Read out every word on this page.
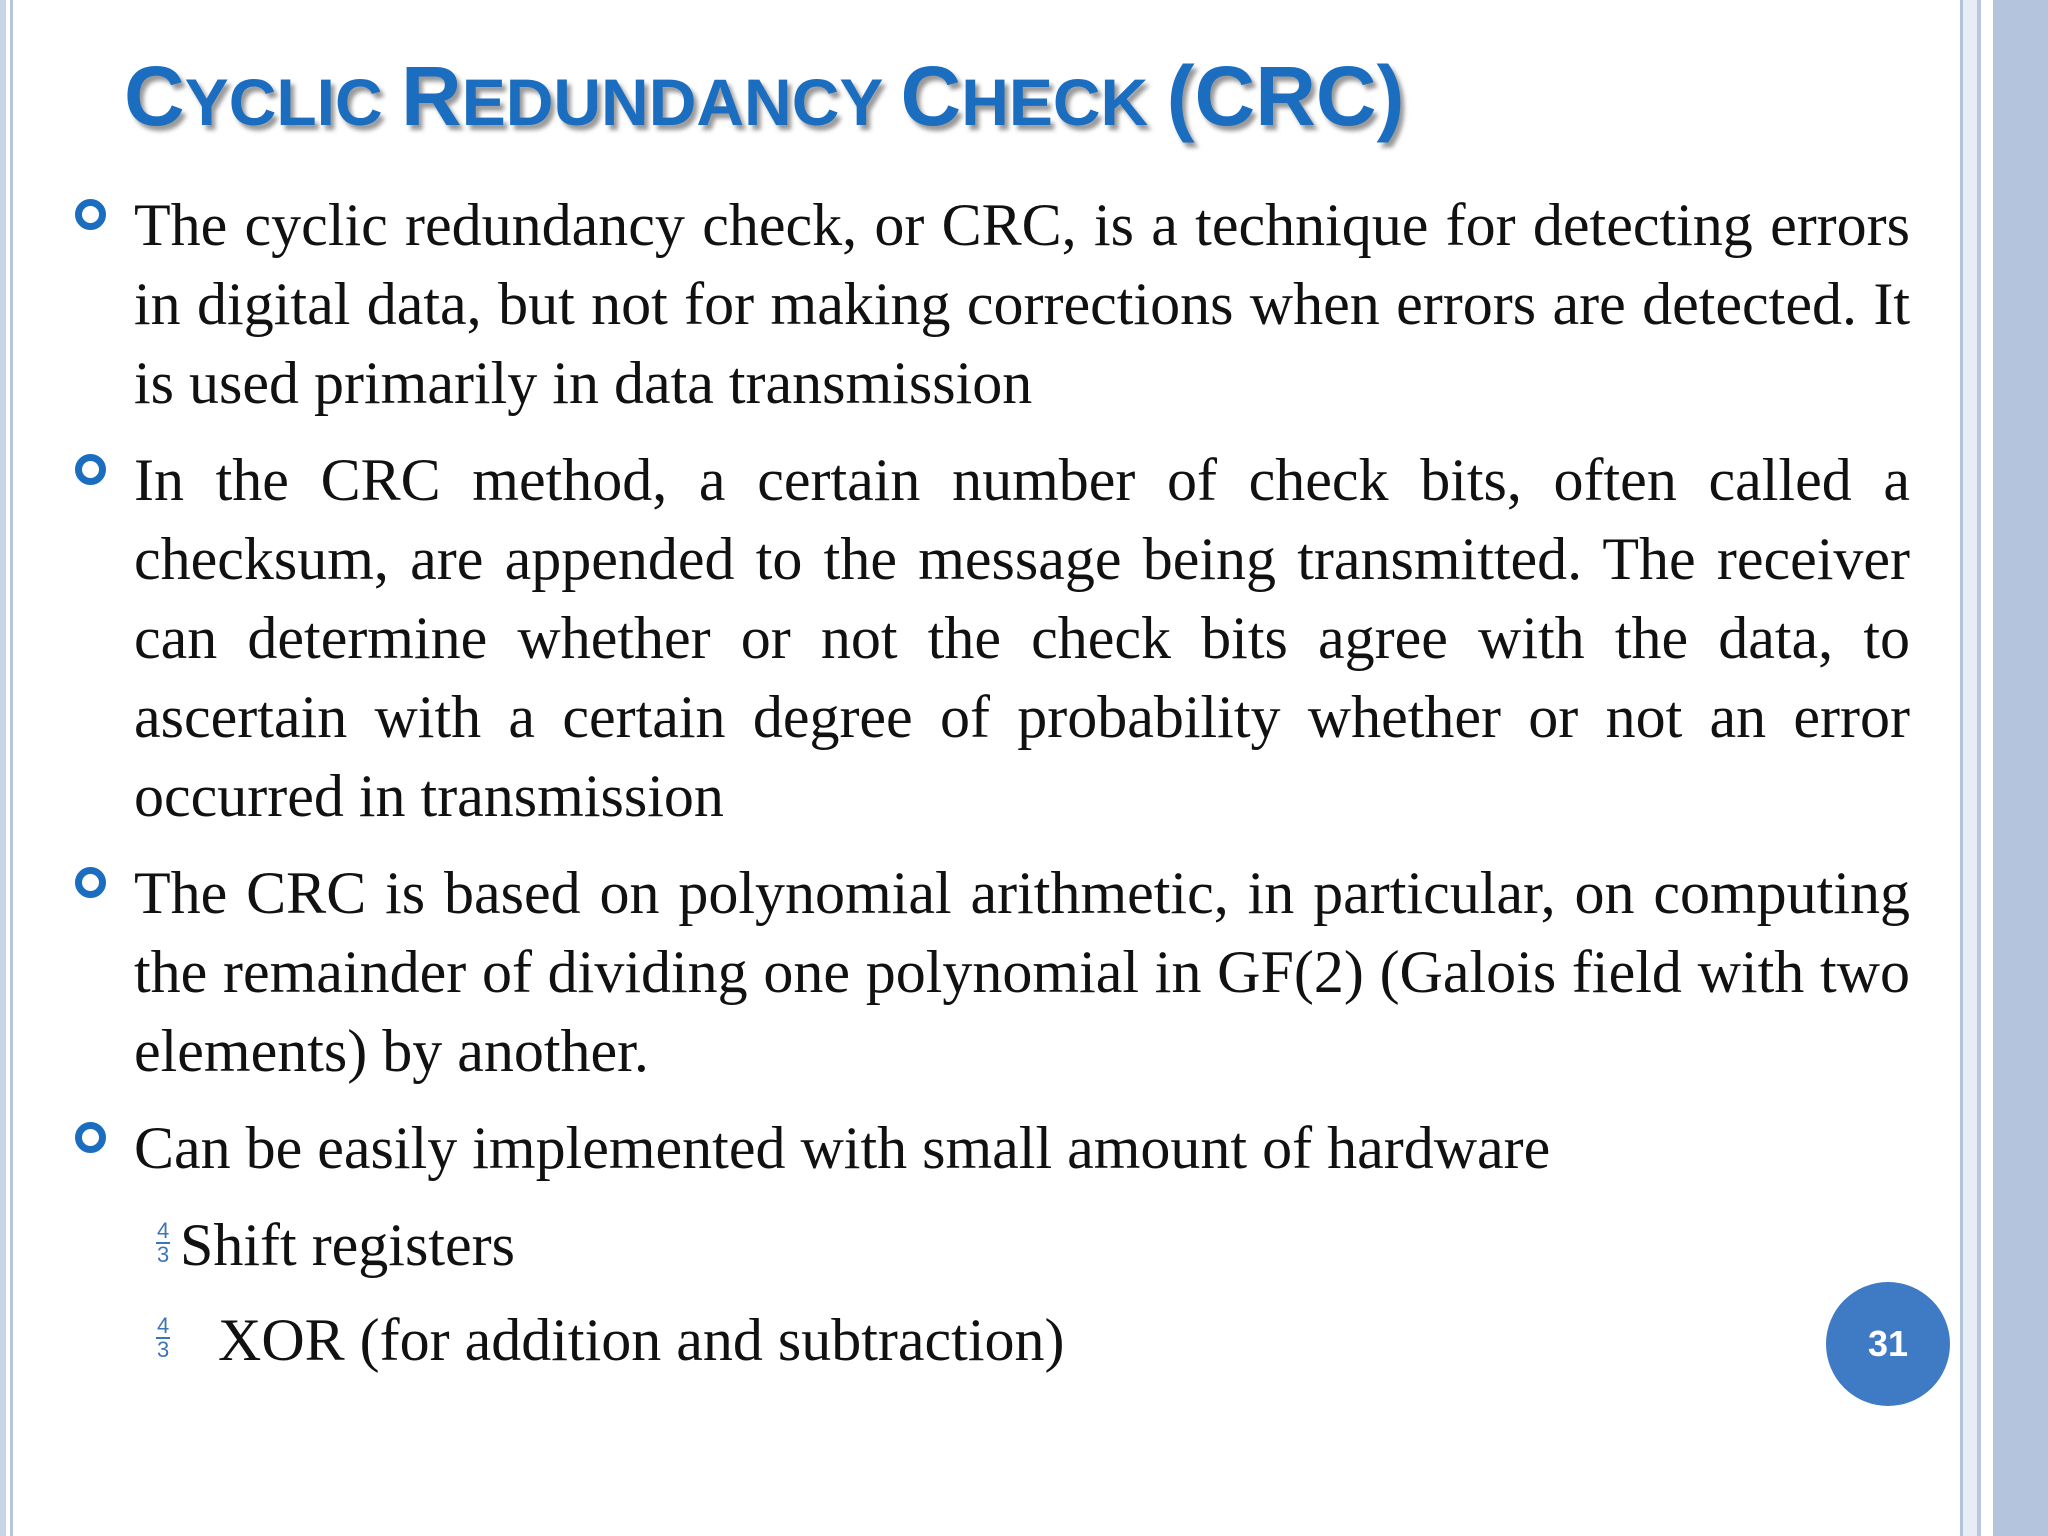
CYCLIC REDUNDANCY CHECK (CRC)
The cyclic redundancy check, or CRC, is a technique for detecting errors in digital data, but not for making corrections when errors are detected. It is used primarily in data transmission
In the CRC method, a certain number of check bits, often called a checksum, are appended to the message being transmitted. The receiver can determine whether or not the check bits agree with the data, to ascertain with a certain degree of probability whether or not an error occurred in transmission
The CRC is based on polynomial arithmetic, in particular, on computing the remainder of dividing one polynomial in GF(2) (Galois field with two elements) by another.
Can be easily implemented with small amount of hardware
$\frac{4}{3}$ Shift registers
$\frac{4}{3}$ XOR (for addition and subtraction)	31
